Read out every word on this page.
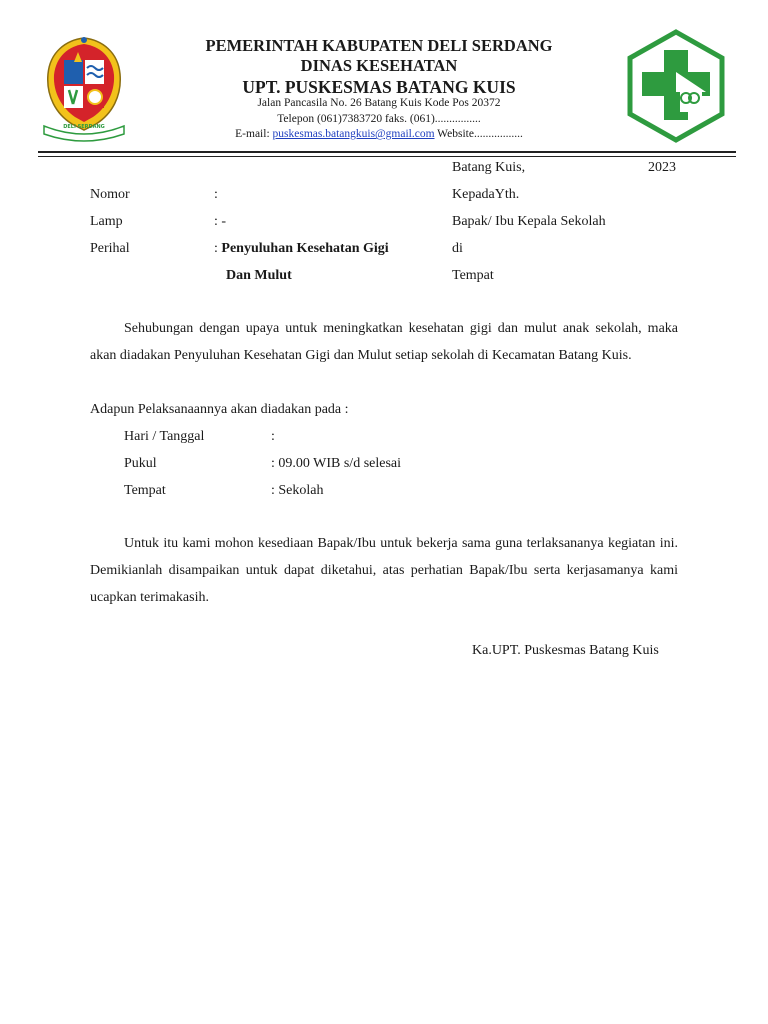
DELI SERDANG
PEMERINTAH KABUPATEN DELI SERDANG
DINAS KESEHATAN
UPT. PUSKESMAS BATANG KUIS
Jalan Pancasila No. 26 Batang Kuis Kode Pos 20372
Telepon (061)7383720 faks. (061)................
E-mail: puskesmas.batangkuis@gmail.com Website.................
Batang Kuis,	2023
Nomor	:
Lamp	: -
Perihal	: Penyuluhan Kesehatan Gigi
Dan Mulut
KepadaYth.
Bapak/ Ibu Kepala Sekolah
di
Tempat
Sehubungan dengan upaya untuk meningkatkan kesehatan gigi dan mulut anak sekolah, maka akan diadakan Penyuluhan Kesehatan Gigi dan Mulut setiap sekolah di Kecamatan Batang Kuis.
Adapun Pelaksanaannya akan diadakan pada :
Hari / Tanggal	:
Pukul	: 09.00 WIB s/d selesai
Tempat	: Sekolah
Untuk itu kami mohon kesediaan Bapak/Ibu untuk bekerja sama guna terlaksananya kegiatan ini. Demikianlah disampaikan untuk dapat diketahui, atas perhatian Bapak/Ibu serta kerjasamanya kami ucapkan terimakasih.
Ka.UPT. Puskesmas Batang Kuis
